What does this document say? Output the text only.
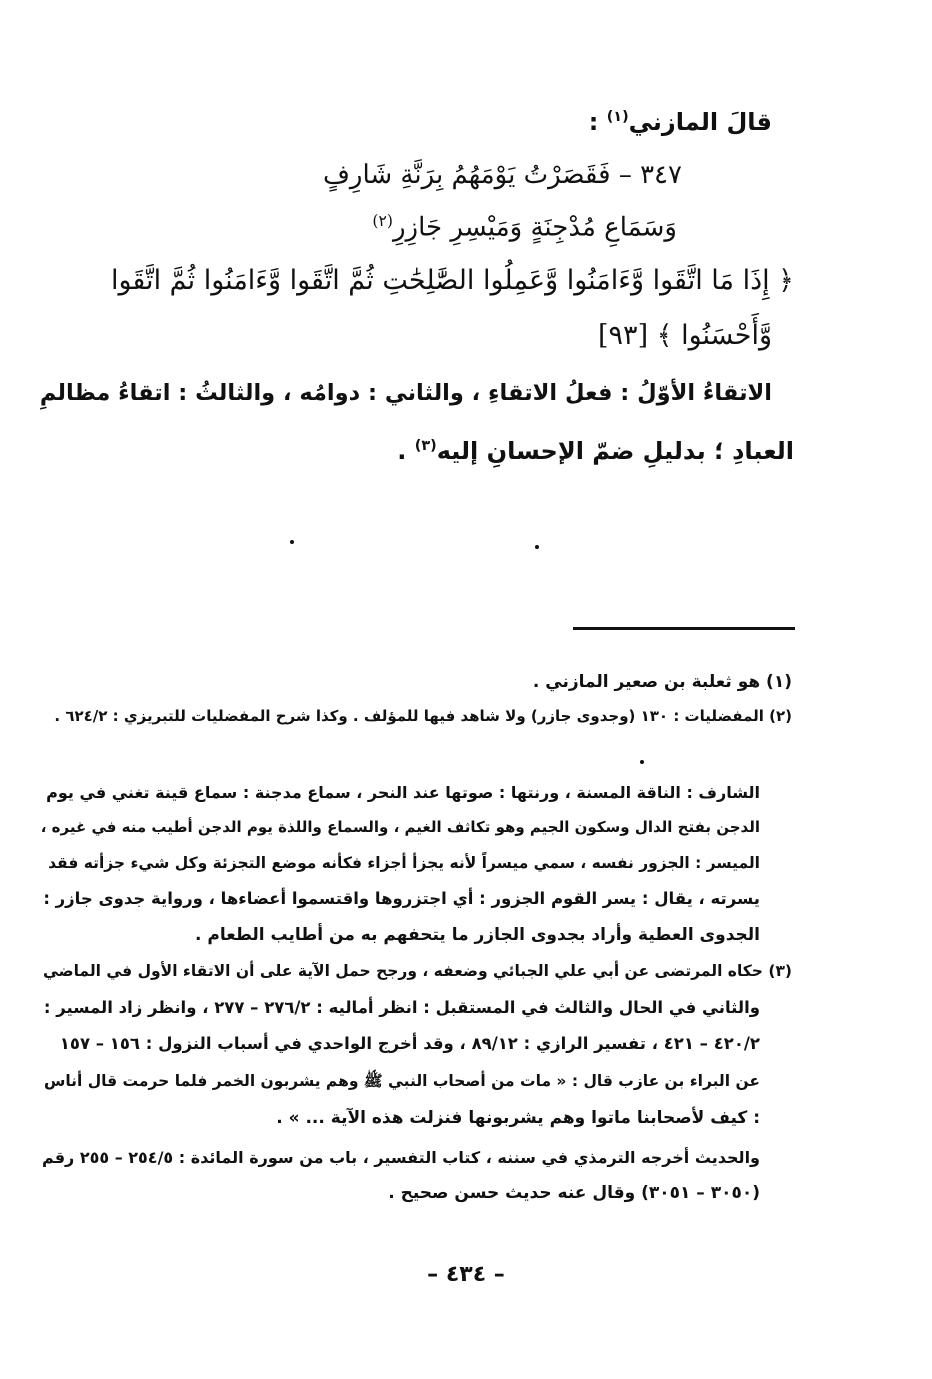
قالَ المازني$^{(١)}$ :
٣٤٧ – فَقَصَرْتُ يَوْمَهُمُ بِرَنَّةِ شَارِفٍ
وَسَمَاعِ مُدْجِنَةٍ وَمَيْسِرِ جَازِرِ$^{(٢)}$
﴿ إِذَا مَا اتَّقَوا وَّءَامَنُوا وَّعَمِلُوا الصَّٰلِحَٰتِ ثُمَّ اتَّقَوا وَّءَامَنُوا ثُمَّ اتَّقَوا
وَّأَحْسَنُوا ﴾ [٩٣]
الاتقاءُ الأوّلُ : فعلُ الاتقاءِ ، والثاني : دوامُه ، والثالثُ : اتقاءُ مظالمِ
العبادِ ؛ بدليلِ ضمّ الإحسانِ إليه$^{(٣)}$ .
(١) هو ثعلبة بن صعير المازني .
(٢) المفضليات : ١٣٠ (وجدوى جازر) ولا شاهد فيها للمؤلف . وكذا شرح المفضليات للتبريزي : ٦٢٤/٢ .
الشارف : الناقة المسنة ، ورنتها : صوتها عند النحر ، سماع مدجنة : سماع قينة تغني في يوم
الدجن بفتح الدال وسكون الجيم وهو تكاثف الغيم ، والسماع واللذة يوم الدجن أطيب منه في غيره ،
الميسر : الجزور نفسه ، سمي ميسراً لأنه يجزأ أجزاء فكأنه موضع التجزئة وكل شيء جزأته فقد
يسرته ، يقال : يسر القوم الجزور : أي اجتزروها واقتسموا أعضاءها ، ورواية جدوى جازر :
الجدوى العطية وأراد بجدوى الجازر ما يتحفهم به من أطايب الطعام .
(٣) حكاه المرتضى عن أبي علي الجبائي وضعفه ، ورجح حمل الآية على أن الاتقاء الأول في الماضي
والثاني في الحال والثالث في المستقبل : انظر أماليه : ٢٧٦/٢ – ٢٧٧ ، وانظر زاد المسير :
٤٢٠/٢ – ٤٢١ ، تفسير الرازي : ٨٩/١٢ ، وقد أخرج الواحدي في أسباب النزول : ١٥٦ – ١٥٧
عن البراء بن عازب قال : « مات من أصحاب النبي ﷺ وهم يشربون الخمر فلما حرمت قال أناس
: كيف لأصحابنا ماتوا وهم يشربونها فنزلت هذه الآية ... » .
والحديث أخرجه الترمذي في سننه ، كتاب التفسير ، باب من سورة المائدة : ٢٥٤/٥ – ٢٥٥ رقم
(٣٠٥٠ – ٣٠٥١) وقال عنه حديث حسن صحيح .
– ٤٣٤ –
